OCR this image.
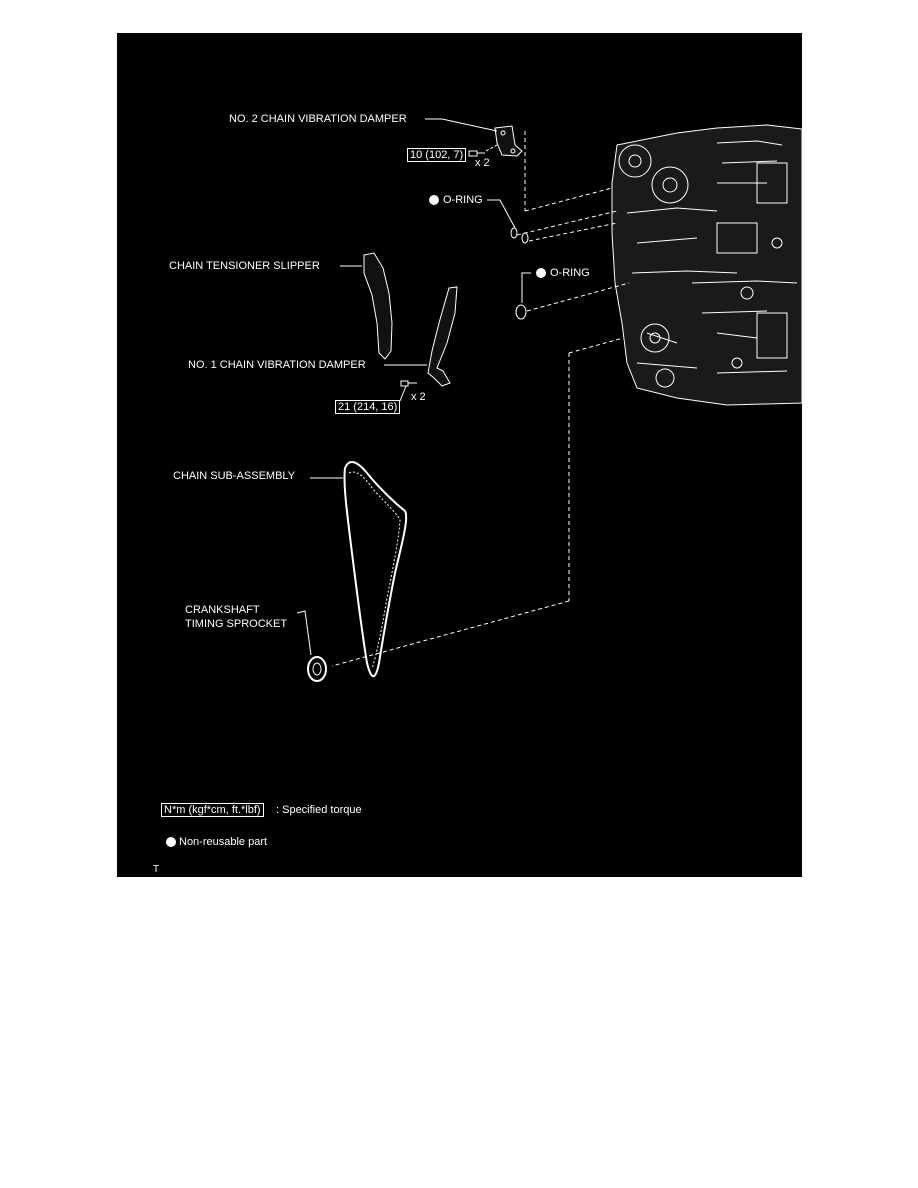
NO. 2 CHAIN VIBRATION DAMPER
10 (102, 7)
x 2
O-RING
CHAIN TENSIONER SLIPPER
O-RING
NO. 1 CHAIN VIBRATION DAMPER
21 (214, 16)
x 2
CHAIN SUB-ASSEMBLY
CRANKSHAFT
TIMING SPROCKET
N*m (kgf*cm, ft.*lbf) : Specified torque
Non-reusable part
T
